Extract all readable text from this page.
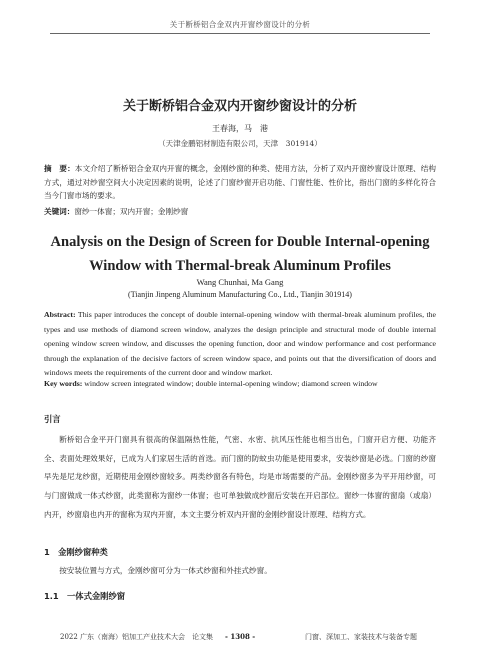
关于断桥铝合金双内开窗纱窗设计的分析
关于断桥铝合金双内开窗纱窗设计的分析
王春海，马　港
（天津金鹏铝材制造有限公司，天津　301914）
摘　要：本文介绍了断桥铝合金双内开窗的概念，金刚纱窗的种类、使用方法，分析了双内开窗纱窗设计原理、结构方式，通过对纱窗空间大小决定因素的说明，论述了门窗纱窗开启功能、门窗性能、性价比，指出门窗的多样化符合当今门窗市场的要求。
关键词：窗纱一体窗；双内开窗；金刚纱窗
Analysis on the Design of Screen for Double Internal-opening Window with Thermal-break Aluminum Profiles
Wang Chunhai, Ma Gang
(Tianjin Jinpeng Aluminum Manufacturing Co., Ltd., Tianjin 301914)
Abstract: This paper introduces the concept of double internal-opening window with thermal-break aluminum profiles, the types and use methods of diamond screen window, analyzes the design principle and structural mode of double internal opening window screen window, and discusses the opening function, door and window performance and cost performance through the explanation of the decisive factors of screen window space, and points out that the diversification of doors and windows meets the requirements of the current door and window market.
Key words: window screen integrated window; double internal-opening window; diamond screen window
引言
断桥铝合金平开门窗具有很高的保温隔热性能，气密、水密、抗风压性能也相当出色，门窗开启方便、功能齐全、表面处理效果好，已成为人们家居生活的首选。而门窗的防蚊虫功能是使用要求，安装纱窗是必选。门窗的纱窗早先是尼龙纱窗，近期使用金刚纱窗较多。两类纱窗各有特色，均是市场需要的产品。金刚纱窗多为平开用纱窗，可与门窗做成一体式纱窗，此类窗称为窗纱一体窗；也可单独做成纱窗后安装在开启部位。窗纱一体窗的窗扇（或扇）内开，纱窗扇也内开的窗称为双内开窗，本文主要分析双内开窗的金刚纱窗设计原理、结构方式。
1　金刚纱窗种类
按安装位置与方式，金刚纱窗可分为一体式纱窗和外挂式纱窗。
1.1　一体式金刚纱窗
2022 广东（南海）铝加工产业技术大会　论文集 - 1308 -	门窗、深加工、家装技术与装备专题
